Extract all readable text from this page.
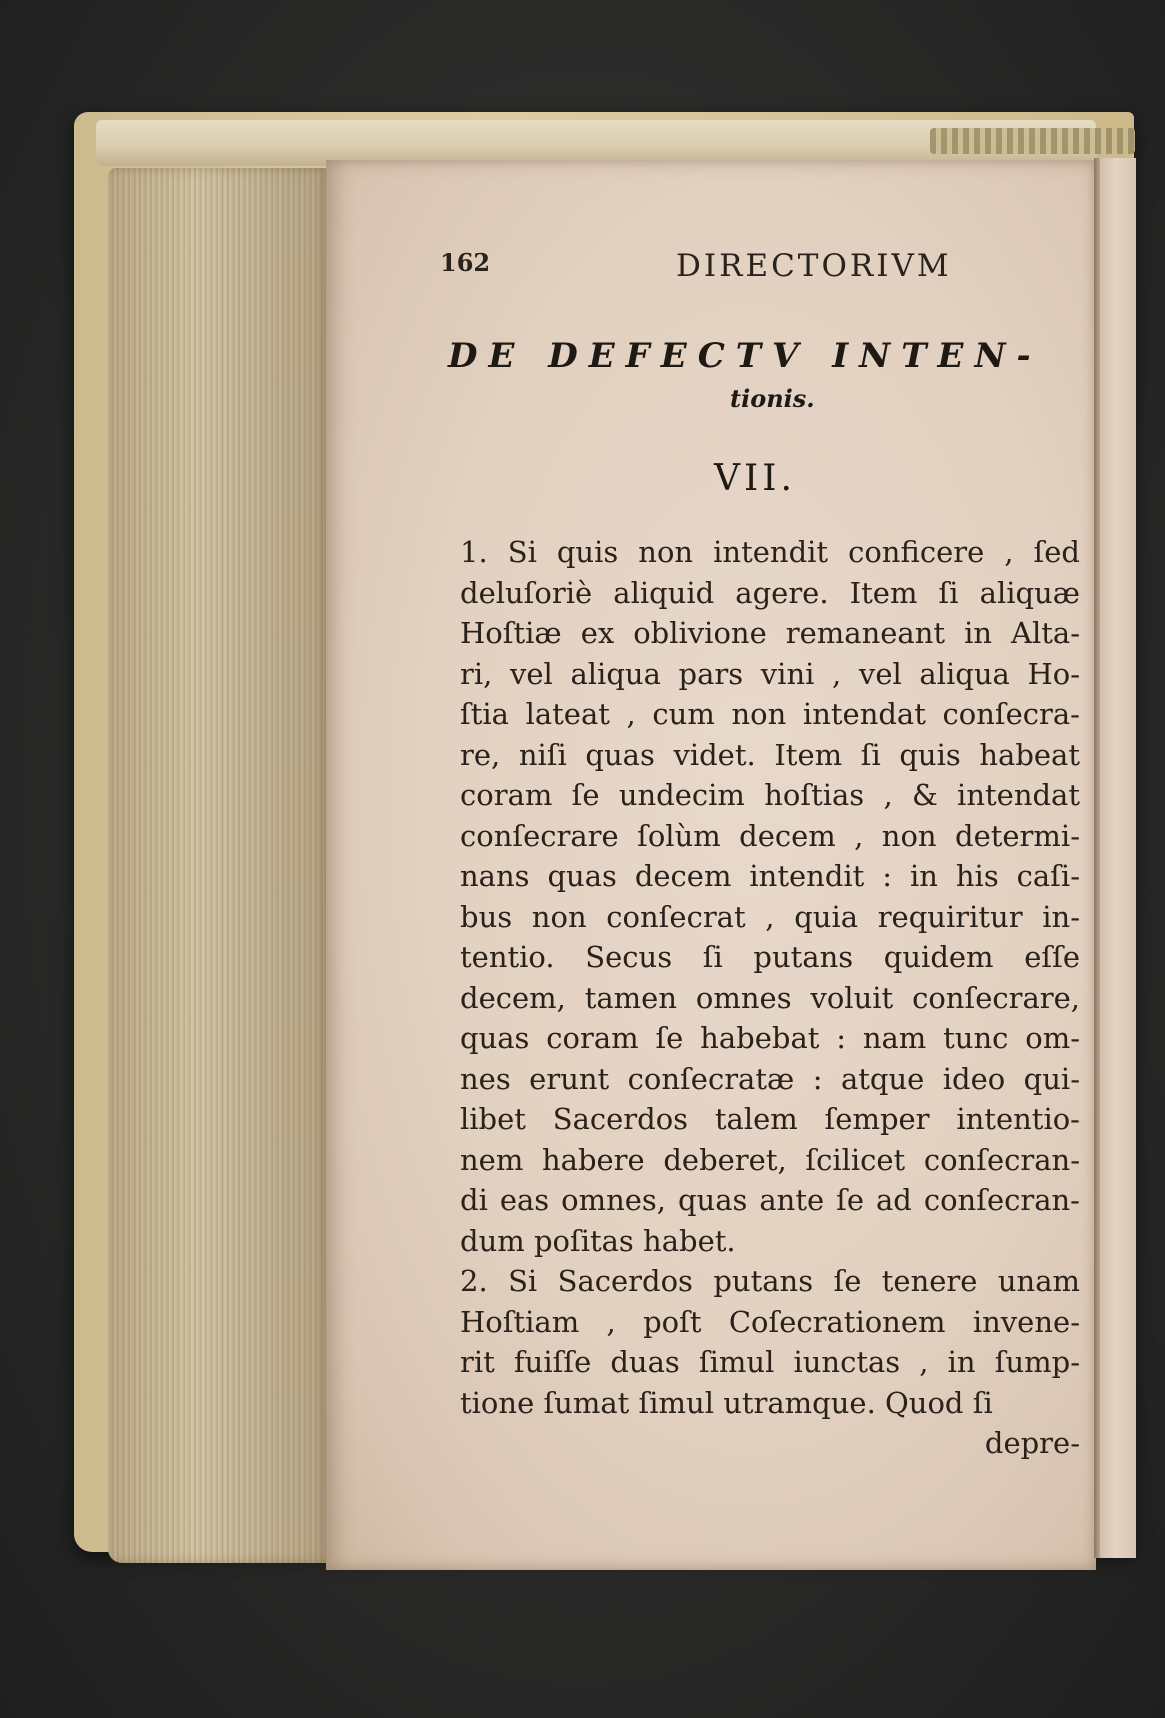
162	DIRECTORIVM
DE DEFECTV INTEN-
tionis.
VII.
1. Si quis non intendit conficere , ſed
deluſoriè aliquid agere. Item ſi aliquæ
Hoſtiæ ex oblivione remaneant in Alta-
ri, vel aliqua pars vini , vel aliqua Ho-
ſtia lateat , cum non intendat conſecra-
re, niſi quas videt. Item ſi quis habeat
coram ſe undecim hoſtias , & intendat
conſecrare ſolùm decem , non determi-
nans quas decem intendit : in his caſi-
bus non conſecrat , quia requiritur in-
tentio. Secus ſi putans quidem eſſe
decem, tamen omnes voluit conſecrare,
quas coram ſe habebat : nam tunc om-
nes erunt conſecratæ : atque ideo qui-
libet Sacerdos talem ſemper intentio-
nem habere deberet, ſcilicet conſecran-
di eas omnes, quas ante ſe ad conſecran-
dum poſitas habet.
2. Si Sacerdos putans ſe tenere unam
Hoſtiam , poſt Coſecrationem invene-
rit fuiſſe duas ſimul iunctas , in ſump-
tione ſumat ſimul utramque. Quod ſi
depre-
